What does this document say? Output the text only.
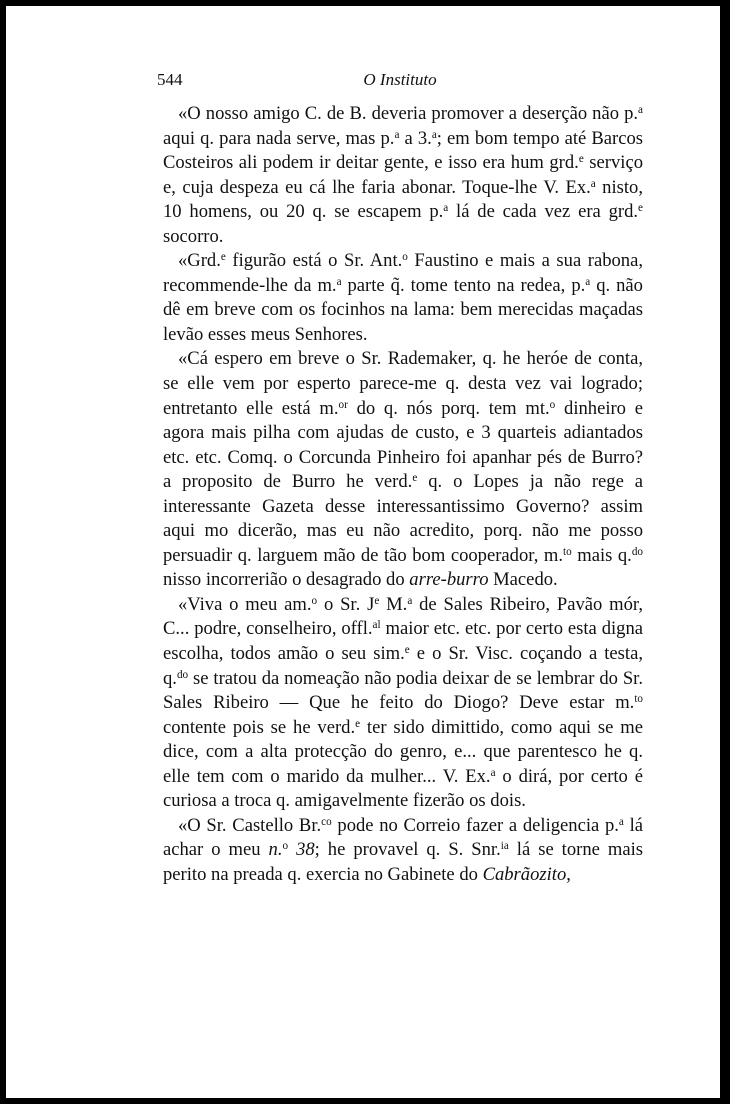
544	O Instituto

«O nosso amigo C. de B. deveria promover a deserção não p.$^a$ aqui q. para nada serve, mas p.$^a$ a 3.$^a$; em bom tempo até Barcos Costeiros ali podem ir deitar gente, e isso era hum grd.$^e$ serviço e, cuja despeza eu cá lhe faria abonar. Toque-lhe V. Ex.$^a$ nisto, 10 homens, ou 20 q. se escapem p.$^a$ lá de cada vez era grd.$^e$ socorro.

«Grd.$^e$ figurão está o Sr. Ant.$^o$ Faustino e mais a sua rabona, recommende-lhe da m.$^a$ parte q̃. tome tento na redea, p.$^a$ q. não dê em breve com os focinhos na lama: bem merecidas maçadas levão esses meus Senhores.

«Cá espero em breve o Sr. Rademaker, q. he heróe de conta, se elle vem por esperto parece-me q. desta vez vai logrado; entretanto elle está m.$^{or}$ do q. nós porq. tem mt.$^o$ dinheiro e agora mais pilha com ajudas de custo, e 3 quarteis adiantados etc. etc. Comq. o Corcunda Pinheiro foi apanhar pés de Burro? a proposito de Burro he verd.$^e$ q. o Lopes ja não rege a interessante Gazeta desse interessantissimo Governo? assim aqui mo dicerão, mas eu não acredito, porq. não me posso persuadir q. larguem mão de tão bom cooperador, m.$^{to}$ mais q.$^{do}$ nisso incorrerião o desagrado do arre-burro Macedo.

«Viva o meu am.$^o$ o Sr. $J^e$ M.$^a$ de Sales Ribeiro, Pavão mór, C... podre, conselheiro, offl.$^{al}$ maior etc. etc. por certo esta digna escolha, todos amão o seu sim.$^e$ e o Sr. Visc. coçando a testa, q.$^{do}$ se tratou da nomeação não podia deixar de se lembrar do Sr. Sales Ribeiro — Que he feito do Diogo? Deve estar m.$^{to}$ contente pois se he verd.$^e$ ter sido dimittido, como aqui se me dice, com a alta protecção do genro, e... que parentesco he q. elle tem com o marido da mulher... V. Ex.$^a$ o dirá, por certo é curiosa a troca q. amigavelmente fizerão os dois.

«O Sr. Castello Br.$^{co}$ pode no Correio fazer a deligencia p.$^a$ lá achar o meu n.$^o$ 38; he provavel q. S. Snr.$^{ia}$ lá se torne mais perito na preada q. exercia no Gabinete do Cabrãozito,
